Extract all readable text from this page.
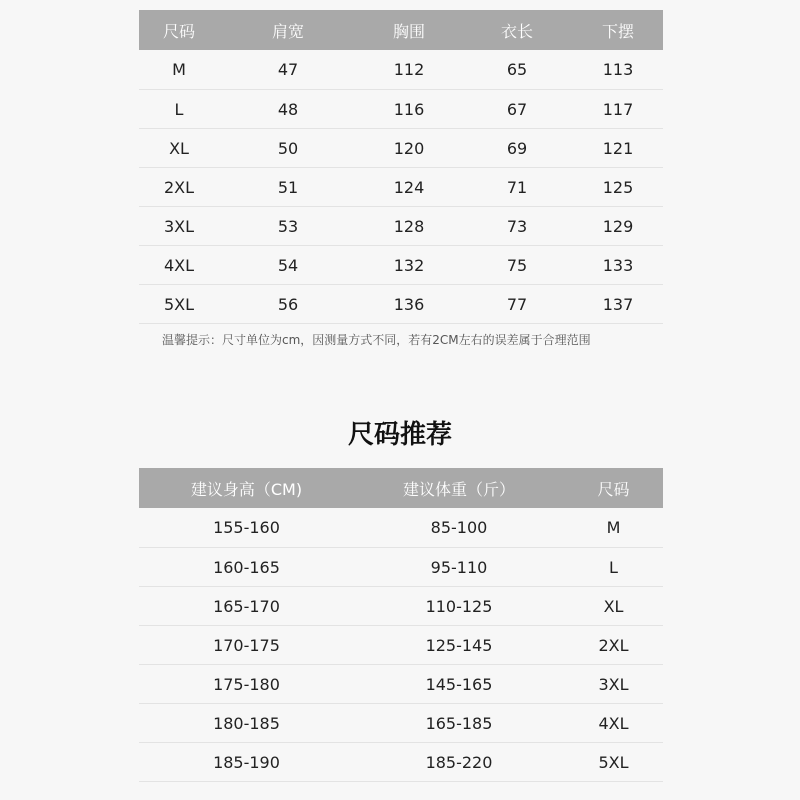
尺码	肩宽	胸围	衣长	下摆
M	47	112	65	113
L	48	116	67	117
XL	50	120	69	121
2XL	51	124	71	125
3XL	53	128	73	129
4XL	54	132	75	133
5XL	56	136	77	137
温馨提示：尺寸单位为cm，因测量方式不同，若有2CM左右的误差属于合理范围
尺码推荐
建议身高（CM)	建议体重（斤）	尺码
155-160	85-100	M
160-165	95-110	L
165-170	110-125	XL
170-175	125-145	2XL
175-180	145-165	3XL
180-185	165-185	4XL
185-190	185-220	5XL
